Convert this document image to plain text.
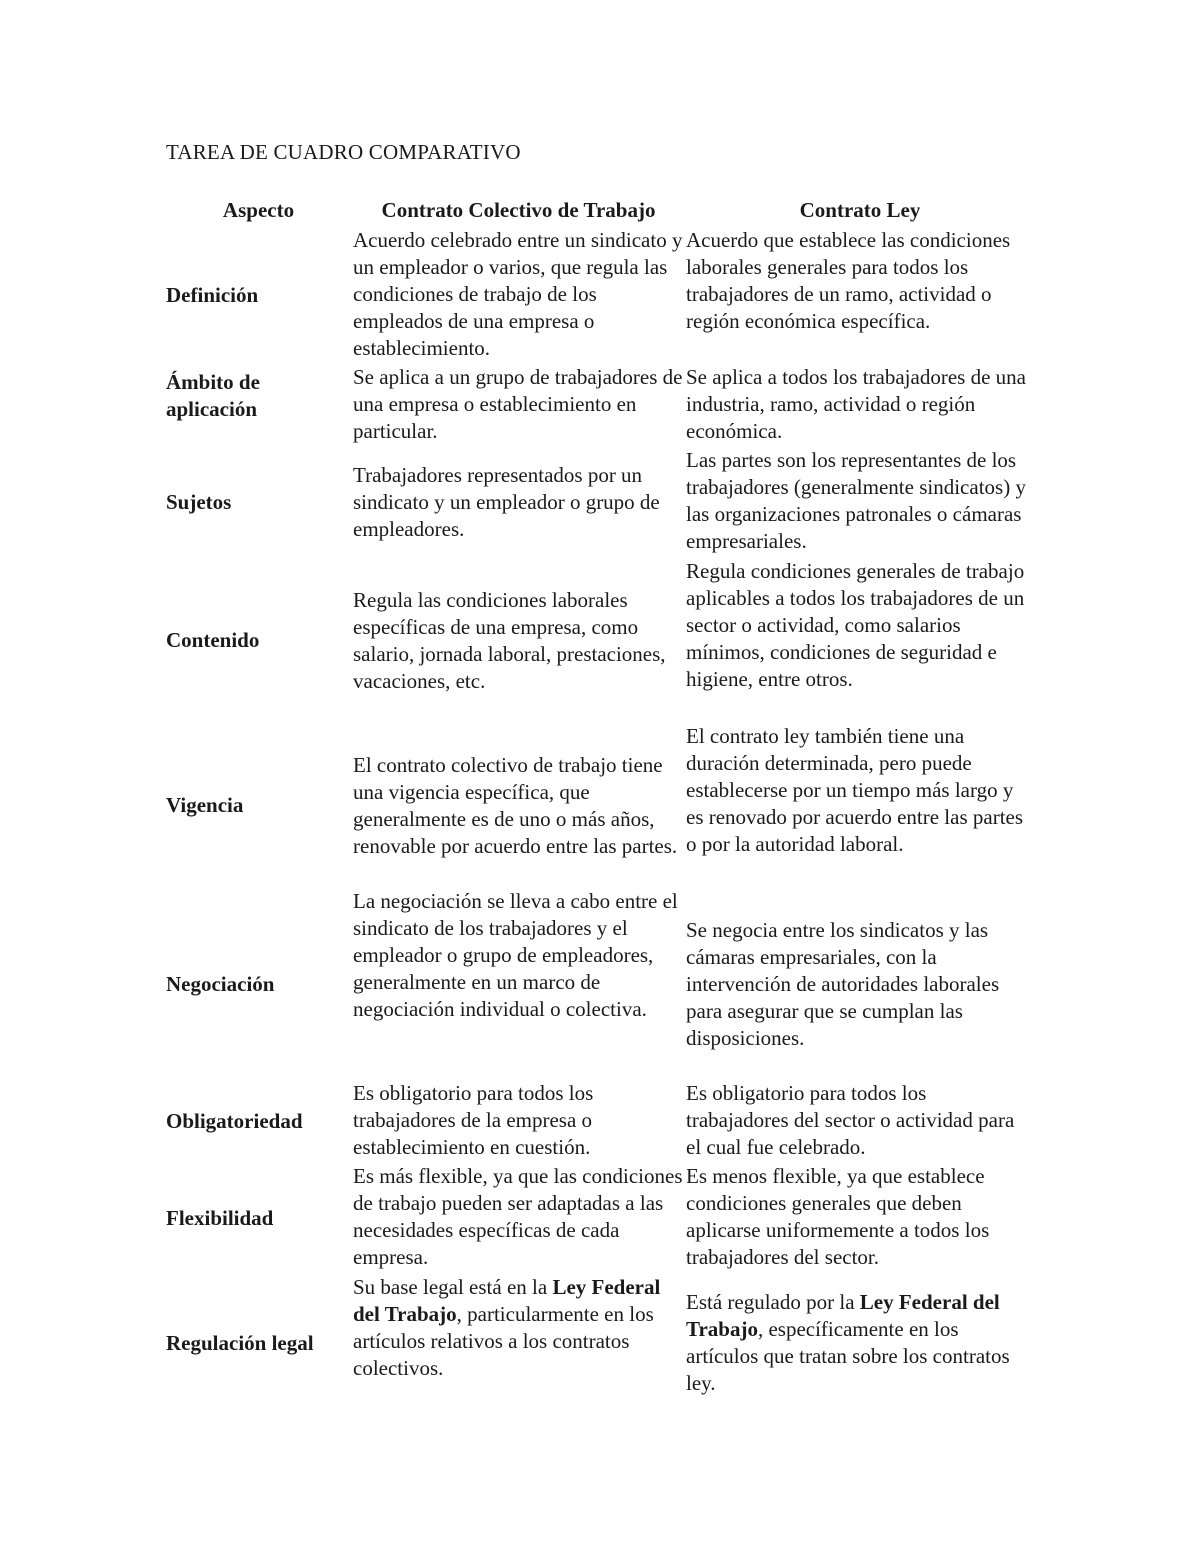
TAREA DE CUADRO COMPARATIVO
Aspecto	Contrato Colectivo de Trabajo	Contrato Ley
Definición	Acuerdo celebrado entre un sindicato y un empleador o varios, que regula las condiciones de trabajo de los empleados de una empresa o establecimiento.	Acuerdo que establece las condiciones laborales generales para todos los trabajadores de un ramo, actividad o región económica específica.
Ámbito de aplicación	Se aplica a un grupo de trabajadores de una empresa o establecimiento en particular.	Se aplica a todos los trabajadores de una industria, ramo, actividad o región económica.
Sujetos	Trabajadores representados por un sindicato y un empleador o grupo de empleadores.	Las partes son los representantes de los trabajadores (generalmente sindicatos) y las organizaciones patronales o cámaras empresariales.
Contenido	Regula las condiciones laborales específicas de una empresa, como salario, jornada laboral, prestaciones, vacaciones, etc.	Regula condiciones generales de trabajo aplicables a todos los trabajadores de un sector o actividad, como salarios mínimos, condiciones de seguridad e higiene, entre otros.
Vigencia	El contrato colectivo de trabajo tiene una vigencia específica, que generalmente es de uno o más años, renovable por acuerdo entre las partes.	El contrato ley también tiene una duración determinada, pero puede establecerse por un tiempo más largo y es renovado por acuerdo entre las partes o por la autoridad laboral.
Negociación	La negociación se lleva a cabo entre el sindicato de los trabajadores y el empleador o grupo de empleadores, generalmente en un marco de negociación individual o colectiva.	Se negocia entre los sindicatos y las cámaras empresariales, con la intervención de autoridades laborales para asegurar que se cumplan las disposiciones.
Obligatoriedad	Es obligatorio para todos los trabajadores de la empresa o establecimiento en cuestión.	Es obligatorio para todos los trabajadores del sector o actividad para el cual fue celebrado.
Flexibilidad	Es más flexible, ya que las condiciones de trabajo pueden ser adaptadas a las necesidades específicas de cada empresa.	Es menos flexible, ya que establece condiciones generales que deben aplicarse uniformemente a todos los trabajadores del sector.
Regulación legal	Su base legal está en la Ley Federal del Trabajo, particularmente en los artículos relativos a los contratos colectivos.	Está regulado por la Ley Federal del Trabajo, específicamente en los artículos que tratan sobre los contratos ley.
